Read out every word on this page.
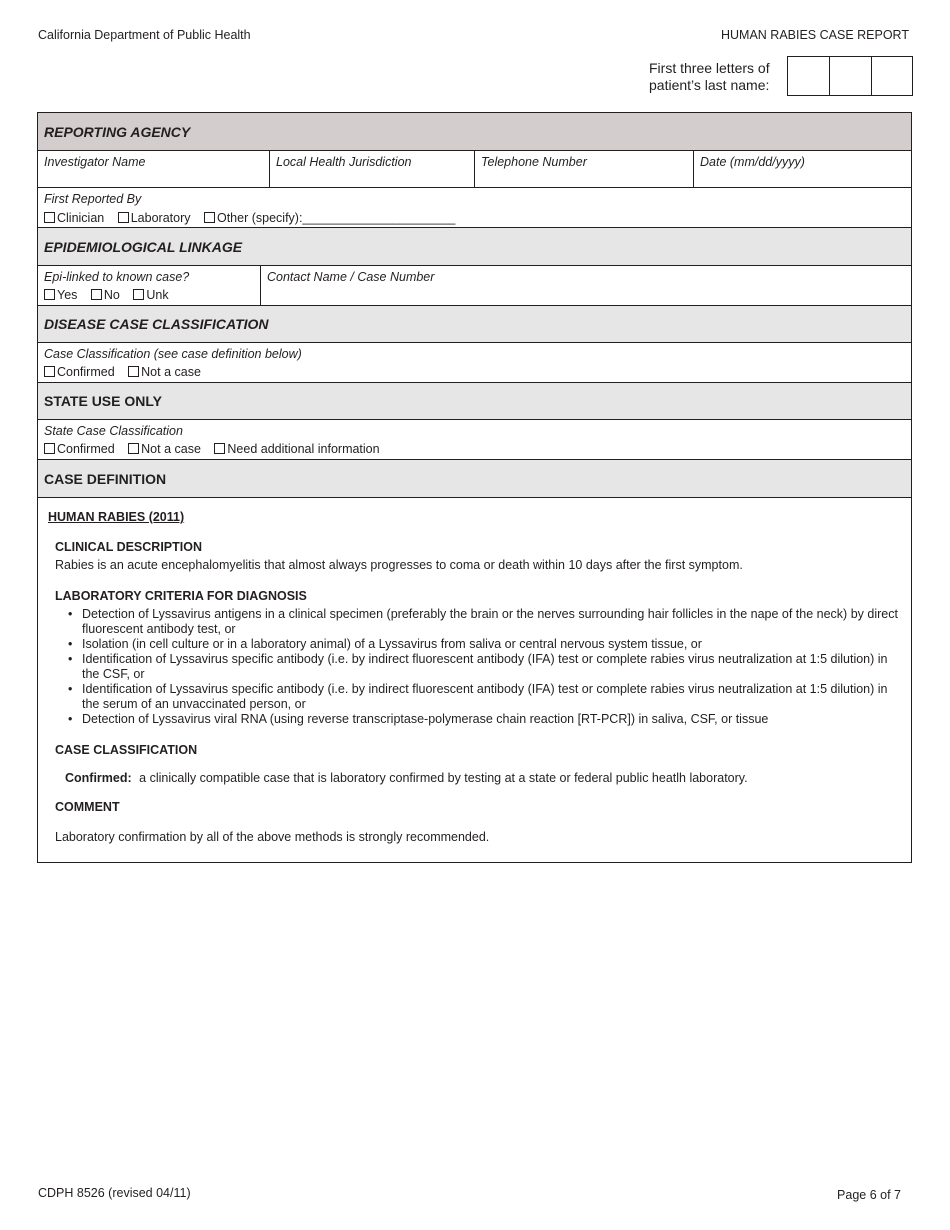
California Department of Public Health	HUMAN RABIES CASE REPORT
First three letters of
patient’s last name:
REPORTING AGENCY
Investigator Name	Local Health Jurisdiction	Telephone Number	Date (mm/dd/yyyy)
First Reported By
Clinician Laboratory Other (specify):______________________
EPIDEMIOLOGICAL LINKAGE
Epi-linked to known case?
Yes No Unk
Contact Name / Case Number
DISEASE CASE CLASSIFICATION
Case Classification (see case definition below)
Confirmed Not a case
STATE USE ONLY
State Case Classification
Confirmed Not a case Need additional information
CASE DEFINITION
HUMAN RABIES (2011)
CLINICAL DESCRIPTION
Rabies is an acute encephalomyelitis that almost always progresses to coma or death within 10 days after the first symptom.
LABORATORY CRITERIA FOR DIAGNOSIS
• Detection of Lyssavirus antigens in a clinical specimen (preferably the brain or the nerves surrounding hair follicles in the nape of the neck) by direct fluorescent antibody test, or
• Isolation (in cell culture or in a laboratory animal) of a Lyssavirus from saliva or central nervous system tissue, or
• Identification of Lyssavirus specific antibody (i.e. by indirect fluorescent antibody (IFA) test or complete rabies virus neutralization at 1:5 dilution) in the CSF, or
• Identification of Lyssavirus specific antibody (i.e. by indirect fluorescent antibody (IFA) test or complete rabies virus neutralization at 1:5 dilution) in the serum of an unvaccinated person, or
• Detection of Lyssavirus viral RNA (using reverse transcriptase-polymerase chain reaction [RT-PCR]) in saliva, CSF, or tissue
CASE CLASSIFICATION
Confirmed: a clinically compatible case that is laboratory confirmed by testing at a state or federal public heatlh laboratory.
COMMENT
Laboratory confirmation by all of the above methods is strongly recommended.
CDPH 8526 (revised 04/11)	Page 6 of 7
